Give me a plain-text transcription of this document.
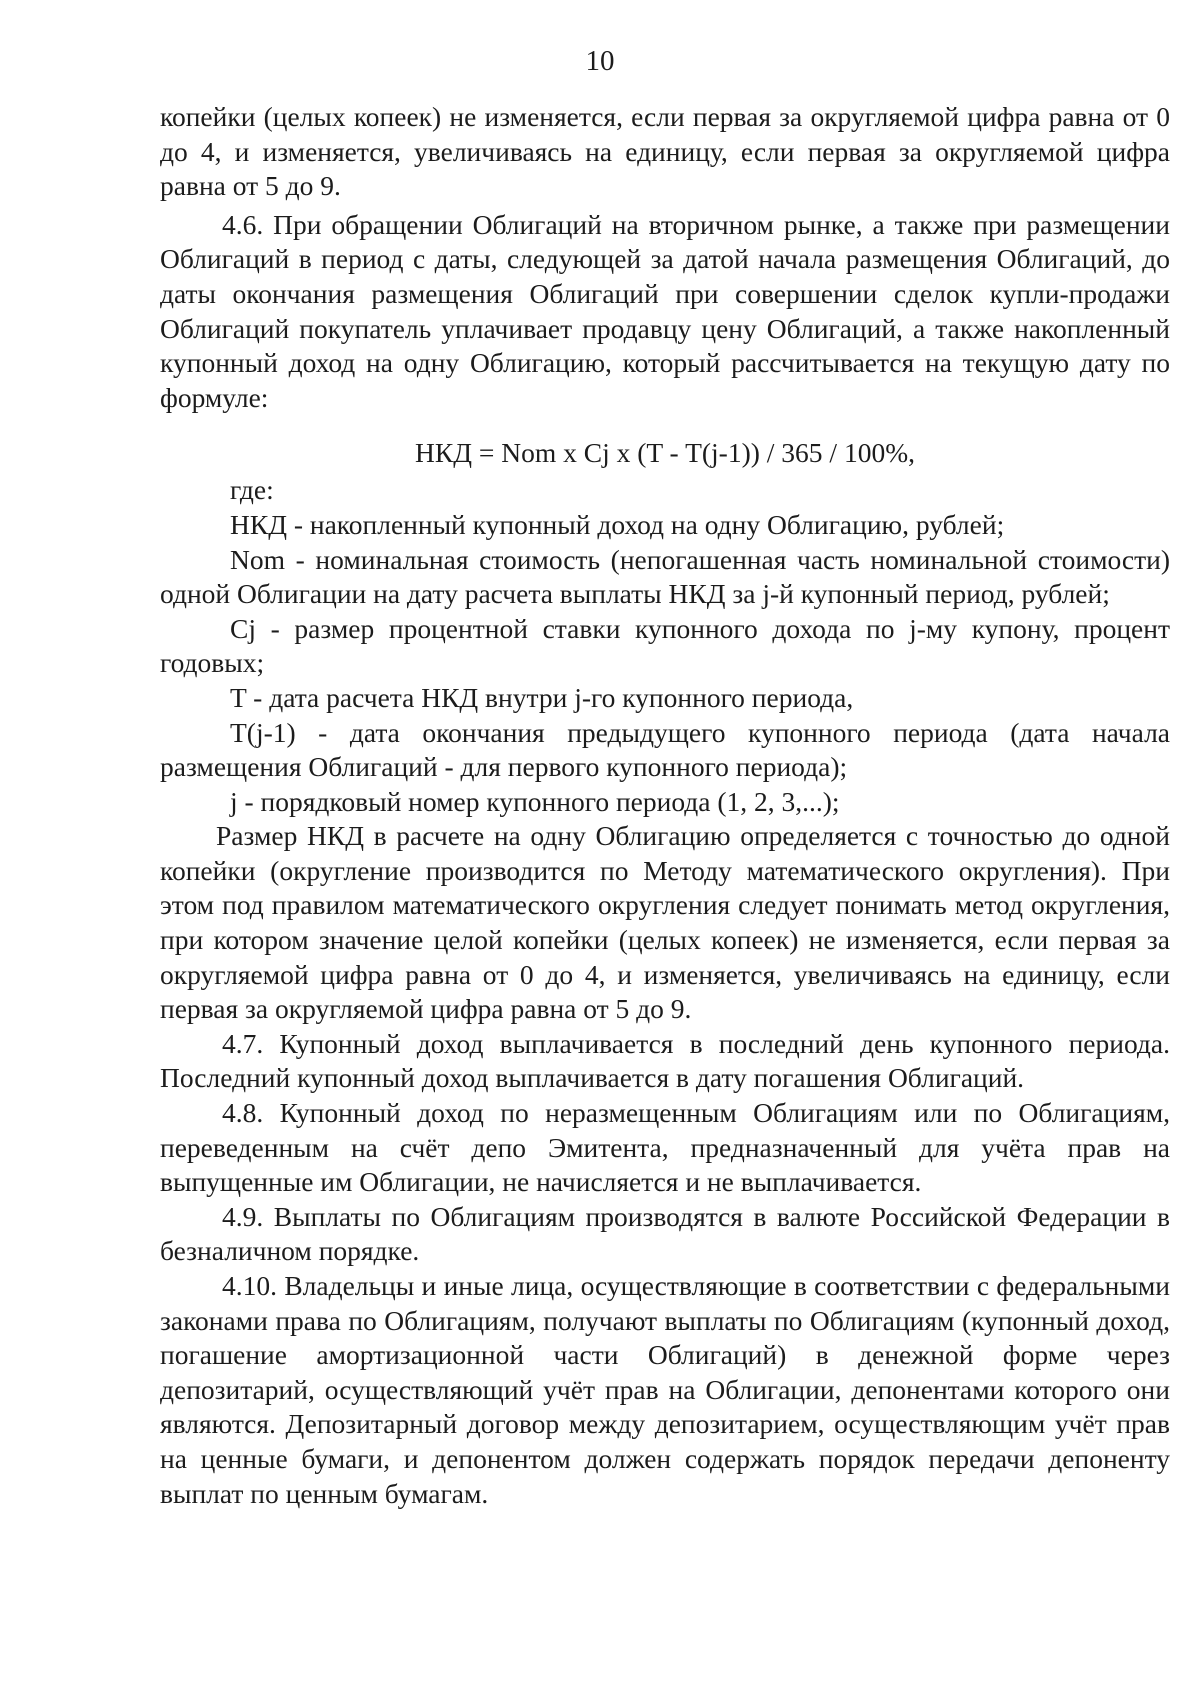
10

копейки (целых копеек) не изменяется, если первая за округляемой цифра равна от 0 до 4, и изменяется, увеличиваясь на единицу, если первая за округляемой цифра равна от 5 до 9.

4.6. При обращении Облигаций на вторичном рынке, а также при размещении Облигаций в период с даты, следующей за датой начала размещения Облигаций, до даты окончания размещения Облигаций при совершении сделок купли-продажи Облигаций покупатель уплачивает продавцу цену Облигаций, а также накопленный купонный доход на одну Облигацию, который рассчитывается на текущую дату по формуле:

НКД = Nom x Cj x (T - T(j-1)) / 365 / 100%,

где:

НКД - накопленный купонный доход на одну Облигацию, рублей;

Nom - номинальная стоимость (непогашенная часть номинальной стоимости) одной Облигации на дату расчета выплаты НКД за j-й купонный период, рублей;

Cj - размер процентной ставки купонного дохода по j-му купону, процент годовых;

T - дата расчета НКД внутри j-го купонного периода,

T(j-1) - дата окончания предыдущего купонного периода (дата начала размещения Облигаций - для первого купонного периода);

j - порядковый номер купонного периода (1, 2, 3,...);

Размер НКД в расчете на одну Облигацию определяется с точностью до одной копейки (округление производится по Методу математического округления). При этом под правилом математического округления следует понимать метод округления, при котором значение целой копейки (целых копеек) не изменяется, если первая за округляемой цифра равна от 0 до 4, и изменяется, увеличиваясь на единицу, если первая за округляемой цифра равна от 5 до 9.

4.7. Купонный доход выплачивается в последний день купонного периода. Последний купонный доход выплачивается в дату погашения Облигаций.

4.8. Купонный доход по неразмещенным Облигациям или по Облигациям, переведенным на счёт депо Эмитента, предназначенный для учёта прав на выпущенные им Облигации, не начисляется и не выплачивается.

4.9. Выплаты по Облигациям производятся в валюте Российской Федерации в безналичном порядке.

4.10. Владельцы и иные лица, осуществляющие в соответствии с федеральными законами права по Облигациям, получают выплаты по Облигациям (купонный доход, погашение амортизационной части Облигаций) в денежной форме через депозитарий, осуществляющий учёт прав на Облигации, депонентами которого они являются. Депозитарный договор между депозитарием, осуществляющим учёт прав на ценные бумаги, и депонентом должен содержать порядок передачи депоненту выплат по ценным бумагам.
